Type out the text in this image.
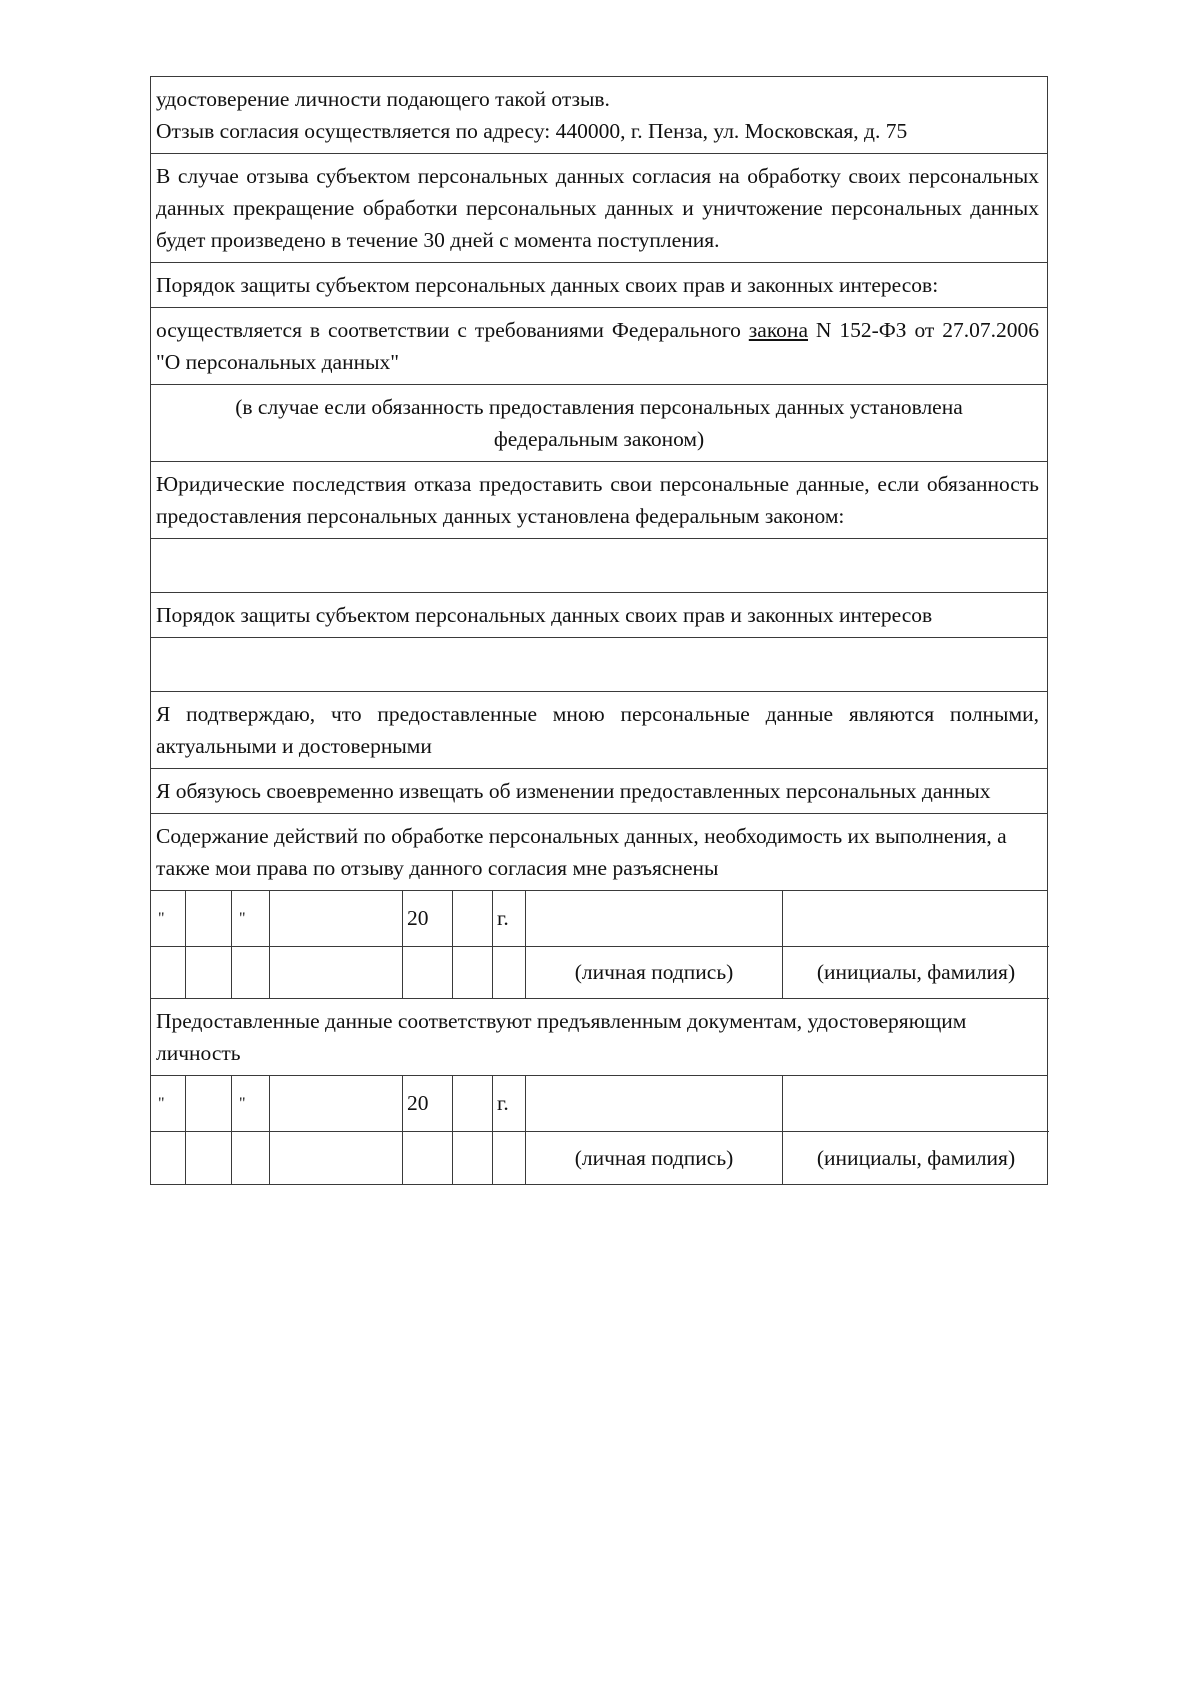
удостоверение личности подающего такой отзыв.
Отзыв согласия осуществляется по адресу: 440000, г. Пенза, ул. Московская, д. 75
В случае отзыва субъектом персональных данных согласия на обработку своих персональных данных прекращение обработки персональных данных и уничтожение персональных данных будет произведено в течение 30 дней с момента поступления.
Порядок защиты субъектом персональных данных своих прав и законных интересов:
осуществляется в соответствии с требованиями Федерального закона N 152-ФЗ от 27.07.2006 "О персональных данных"
(в случае если обязанность предоставления персональных данных установлена федеральным законом)
Юридические последствия отказа предоставить свои персональные данные, если обязанность предоставления персональных данных установлена федеральным законом:
Порядок защиты субъектом персональных данных своих прав и законных интересов
Я подтверждаю, что предоставленные мною персональные данные являются полными, актуальными и достоверными
Я обязуюсь своевременно извещать об изменении предоставленных персональных данных
Содержание действий по обработке персональных данных, необходимость их выполнения, а также мои права по отзыву данного согласия мне разъяснены
"	"	20	г.
(личная подпись)	(инициалы, фамилия)
Предоставленные данные соответствуют предъявленным документам, удостоверяющим личность
"	"	20	г.
(личная подпись)	(инициалы, фамилия)
